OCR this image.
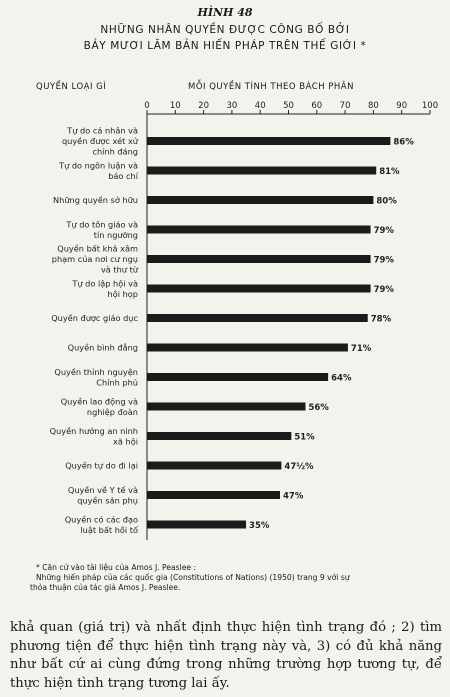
HÌNH 48
NHỮNG NHÂN QUYỀN ĐƯỢC CÔNG BỐ BỞI
BẢY MƯƠI LĂM BẢN HIẾN PHÁP TRÊN THẾ GIỚI *
QUYỀN LOẠI GÌ	MỖI QUYỀN TÍNH THEO BÁCH PHÂN
0 10 20 30 40 50 60 70 80 90 100
86%
Tự do cá nhân và quyền được xét xử chính đáng
81%
Tự do ngôn luận và báo chí
80%
Những quyền sở hữu
79%
Tự do tôn giáo và tín ngưỡng
79%
Quyền bất khả xâm phạm của nơi cư ngụ và thư từ
79%
Tự do lập hội và hội họp
78%
Quyền được giáo dục
71%
Quyền bình đẳng
64%
Quyền thỉnh nguyện Chính phủ
56%
Quyền lao động và nghiệp đoàn
51%
Quyền hưởng an ninh xã hội
47½%
Quyền tự do đi lại
47%
Quyền về Y tế và quyền sản phụ
35%
Quyền có các đạo luật bất hồi tố
* Căn cứ vào tài liệu của Amos J. Peaslee :
Những hiến pháp của các quốc gia (Constitutions of Nations) (1950) trang 9 với sự
thỏa thuận của tác giả Amos J. Peaslee.
khả quan (giá trị) và nhất định thực hiện tình trạng đó ; 2) tìm phương tiện để thực hiện tình trạng này và, 3) có đủ khả năng như bất cứ ai cùng đứng trong những trường hợp tương tự, để thực hiện tình trạng tương lai ấy.
